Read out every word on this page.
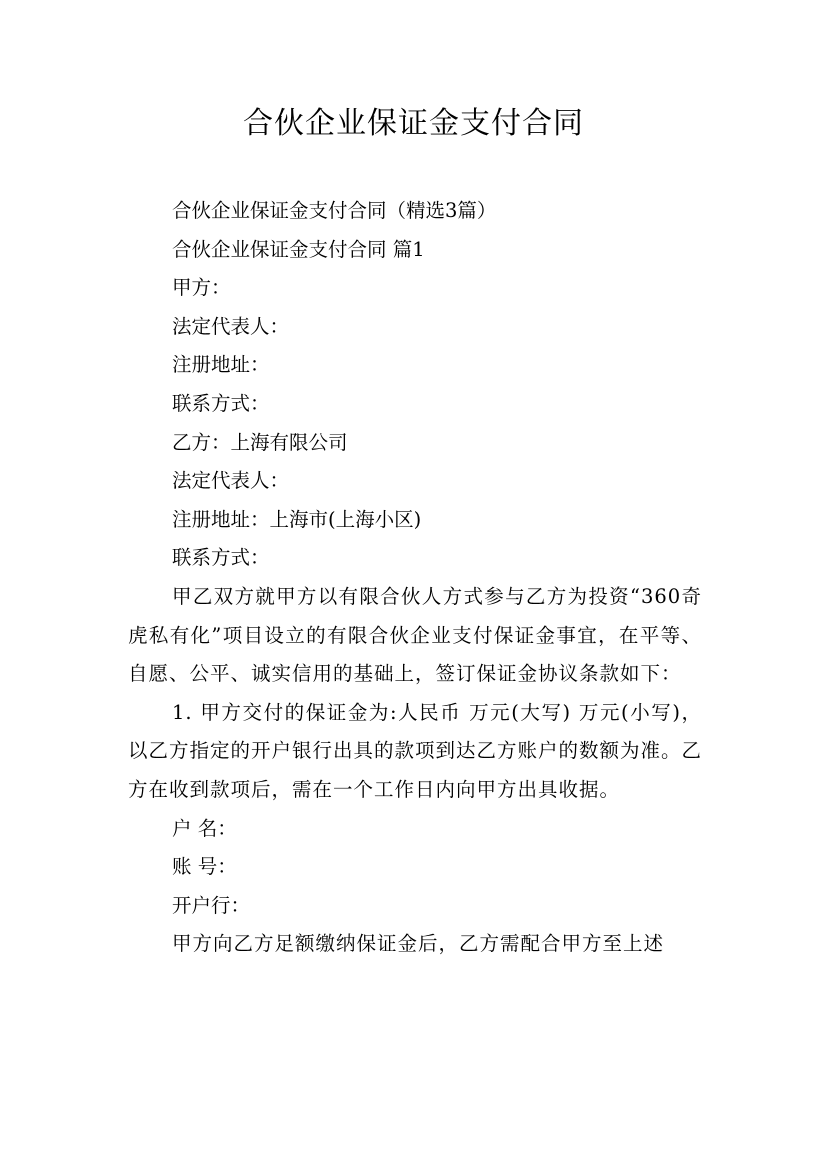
合伙企业保证金支付合同
合伙企业保证金支付合同（精选3篇）
合伙企业保证金支付合同 篇1
甲方：
法定代表人：
注册地址：
联系方式：
乙方：上海有限公司
法定代表人：
注册地址：上海市(上海小区)
联系方式：
甲乙双方就甲方以有限合伙人方式参与乙方为投资“360奇虎私有化”项目设立的有限合伙企业支付保证金事宜，在平等、自愿、公平、诚实信用的基础上，签订保证金协议条款如下：
1. 甲方交付的保证金为:人民币 万元(大写) 万元(小写)，以乙方指定的开户银行出具的款项到达乙方账户的数额为准。乙方在收到款项后，需在一个工作日内向甲方出具收据。
户 名：
账 号：
开户行：
甲方向乙方足额缴纳保证金后，乙方需配合甲方至上述
